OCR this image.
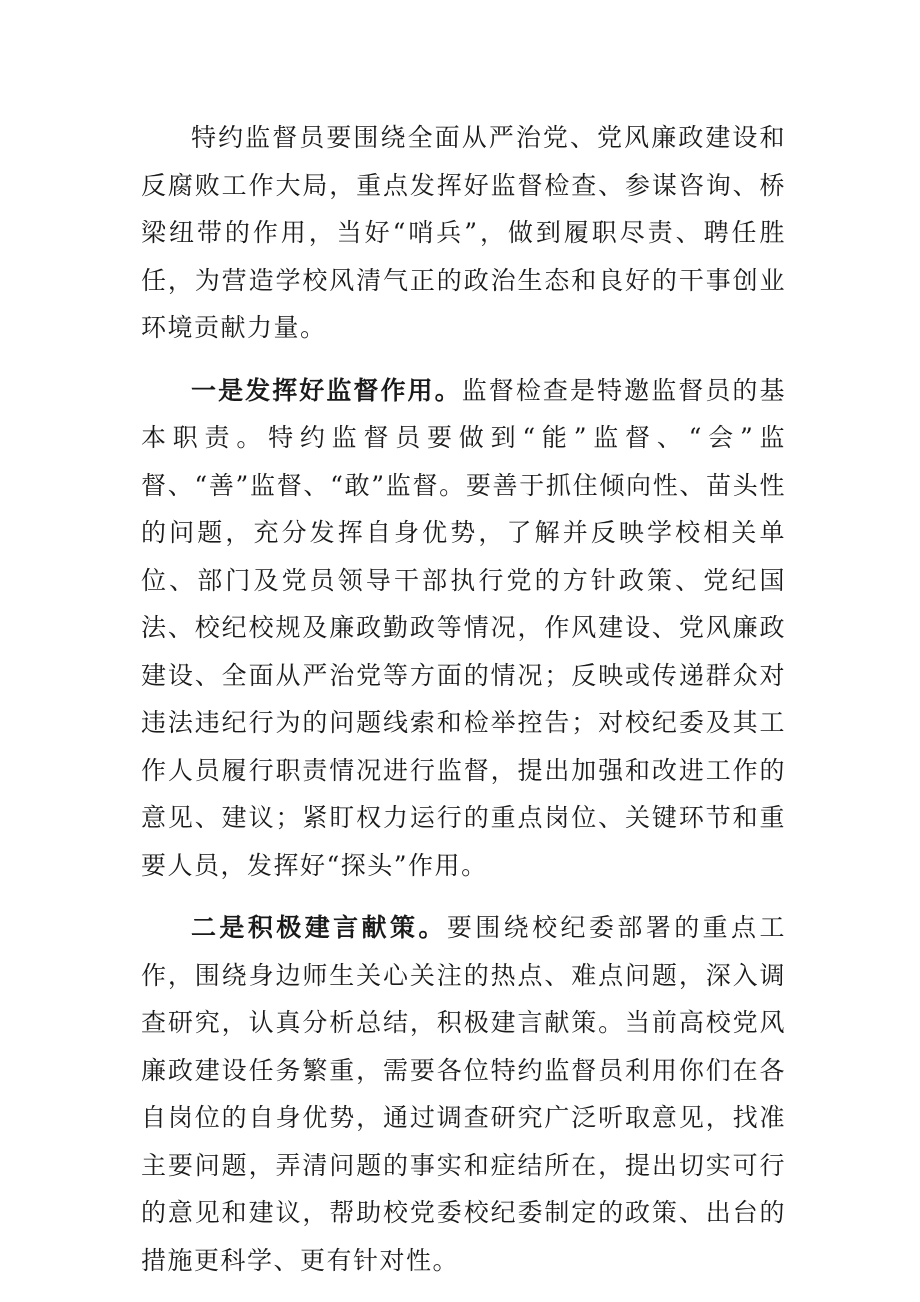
特约监督员要围绕全面从严治党、党风廉政建设和反腐败工作大局，重点发挥好监督检查、参谋咨询、桥梁纽带的作用，当好“哨兵”，做到履职尽责、聘任胜任，为营造学校风清气正的政治生态和良好的干事创业环境贡献力量。

一是发挥好监督作用。监督检查是特邀监督员的基本职责。特约监督员要做到“能”监督、“会”监督、“善”监督、“敢”监督。要善于抓住倾向性、苗头性的问题，充分发挥自身优势，了解并反映学校相关单位、部门及党员领导干部执行党的方针政策、党纪国法、校纪校规及廉政勤政等情况，作风建设、党风廉政建设、全面从严治党等方面的情况；反映或传递群众对违法违纪行为的问题线索和检举控告；对校纪委及其工作人员履行职责情况进行监督，提出加强和改进工作的意见、建议；紧盯权力运行的重点岗位、关键环节和重要人员，发挥好“探头”作用。

二是积极建言献策。要围绕校纪委部署的重点工作，围绕身边师生关心关注的热点、难点问题，深入调查研究，认真分析总结，积极建言献策。当前高校党风廉政建设任务繁重，需要各位特约监督员利用你们在各自岗位的自身优势，通过调查研究广泛听取意见，找准主要问题，弄清问题的事实和症结所在，提出切实可行的意见和建议，帮助校党委校纪委制定的政策、出台的措施更科学、更有针对性。
